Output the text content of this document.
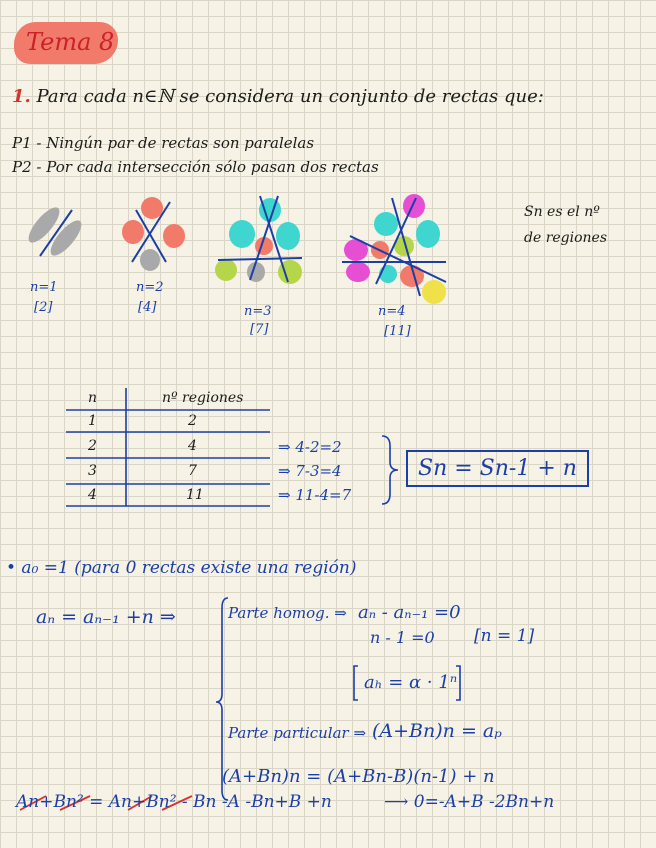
Tema 8
1. Para cada n∈ℕ se considera un conjunto de rectas que:
P1 - Ningún par de rectas son paralelas
P2 - Por cada intersección sólo pasan dos rectas
Sn es el nº
de regiones
n=1
[2]
n=2
[4]	n=3
[7]
n=4
[11]
n	nº regiones
1	2
2	4
3	7
4	11
⇒ 4-2=2
⇒ 7-3=4
⇒ 11-4=7
Sn = Sn-1 + n
• a₀ =1 (para 0 rectas existe una región)
aₙ = aₙ₋₁ +n ⇒	Parte homog. ⇒ aₙ - aₙ₋₁ =0
n - 1 =0 [n = 1]
aₕ = α · 1ⁿ
Parte particular ⇒ (A+Bn)n = aₚ
(A+Bn)n = (A+Bn-B)(n-1) + n
An+Bn² = An+Bn² - Bn -A -Bn+B +n	⟶ 0=-A+B -2Bn+n
